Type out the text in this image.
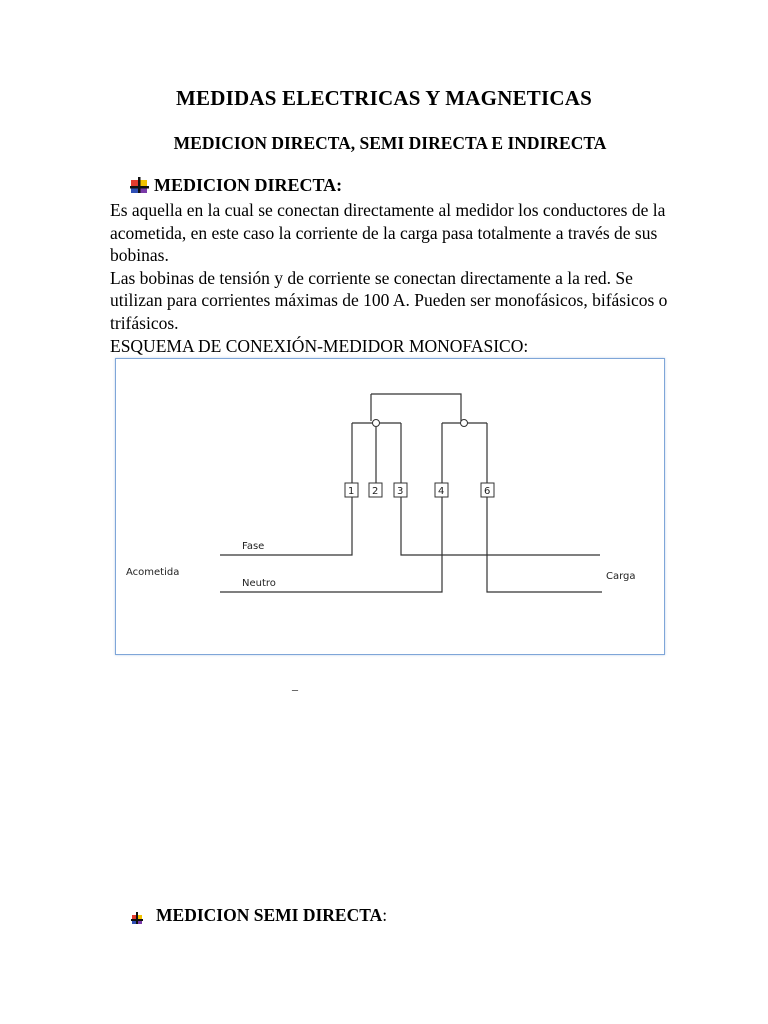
MEDIDAS ELECTRICAS Y MAGNETICAS
MEDICION DIRECTA, SEMI DIRECTA E INDIRECTA
MEDICION DIRECTA:

Es aquella en la cual se conectan directamente al medidor los conductores de la acometida, en este caso la corriente de la carga pasa totalmente a través de sus bobinas.

Las bobinas de tensión y de corriente se conectan directamente a la red. Se utilizan para corrientes máximas de 100 A. Pueden ser monofásicos, bifásicos o trifásicos.

ESQUEMA DE CONEXIÓN-MEDIDOR MONOFASICO:

1 2 3	4	6
Fase
Neutro
Acometida	Carga
_
MEDICION SEMI DIRECTA :
